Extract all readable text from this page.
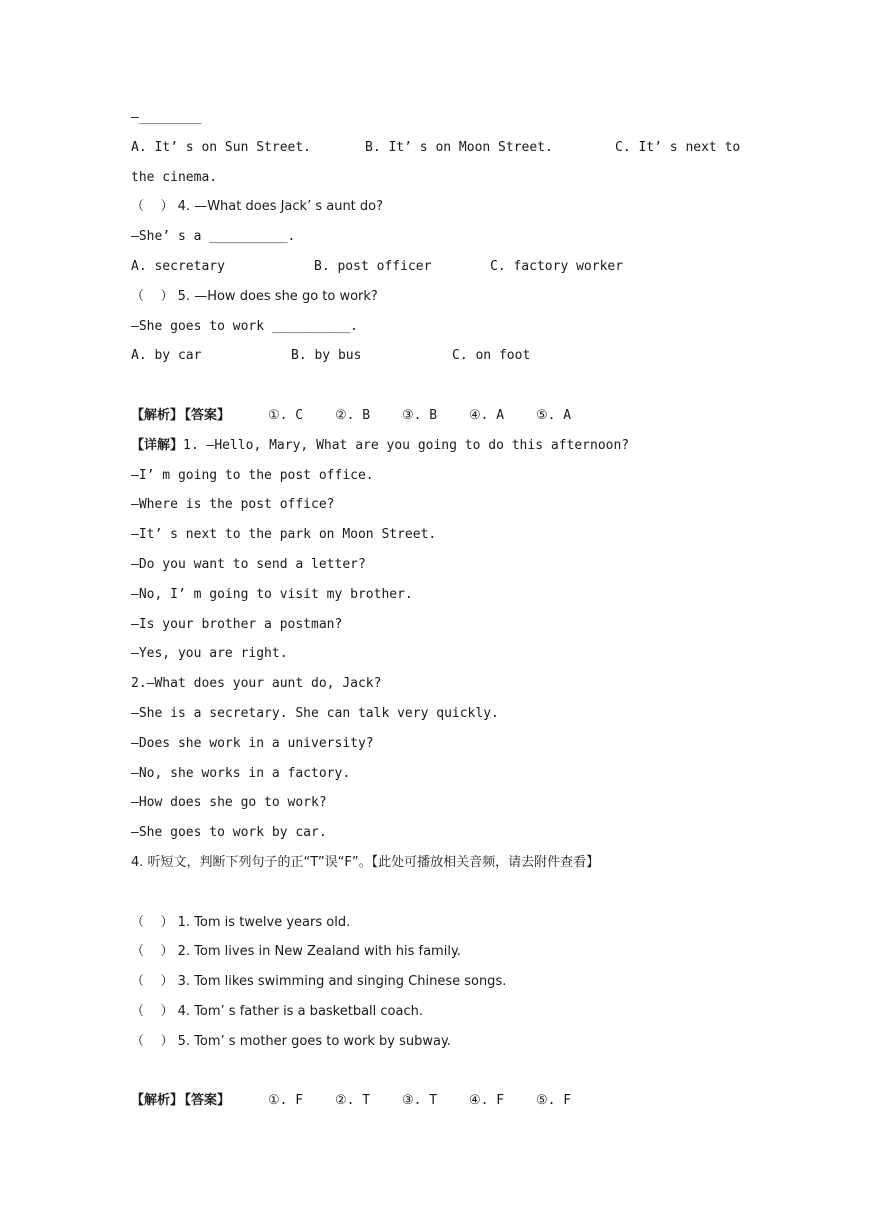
—________
A. It’ s on Sun Street.	B. It’ s on Moon Street.	C. It’ s next to
the cinema.
（    ） 4. —What does Jack’ s aunt do?
—She’ s a __________.
A. secretary	B. post officer	C. factory worker
（    ） 5. —How does she go to work?
—She goes to work __________.
A. by car	B. by bus	C. on foot

【答案】	①. C	②. B	③. B	④. A	⑤. A

【解析】
【详解】1. —Hello, Mary, What are you going to do this afternoon?
—I’ m going to the post office.
—Where is the post office?
—It’ s next to the park on Moon Street.
—Do you want to send a letter?
—No, I’ m going to visit my brother.
—Is your brother a postman?
—Yes, you are right.
2.—What does your aunt do, Jack?
—She is a secretary. She can talk very quickly.
—Does she work in a university?
—No, she works in a factory.
—How does she go to work?
—She goes to work by car.
4. 听短文，判断下列句子的正“T”误“F”。【此处可播放相关音频，请去附件查看】
（    ） 1. Tom is twelve years old.
（    ） 2. Tom lives in New Zealand with his family.
（    ） 3. Tom likes swimming and singing Chinese songs.
（    ） 4. Tom’ s father is a basketball coach.
（    ） 5. Tom’ s mother goes to work by subway.

【答案】	①. F	②. T	③. T	④. F	⑤. F

【解析】
